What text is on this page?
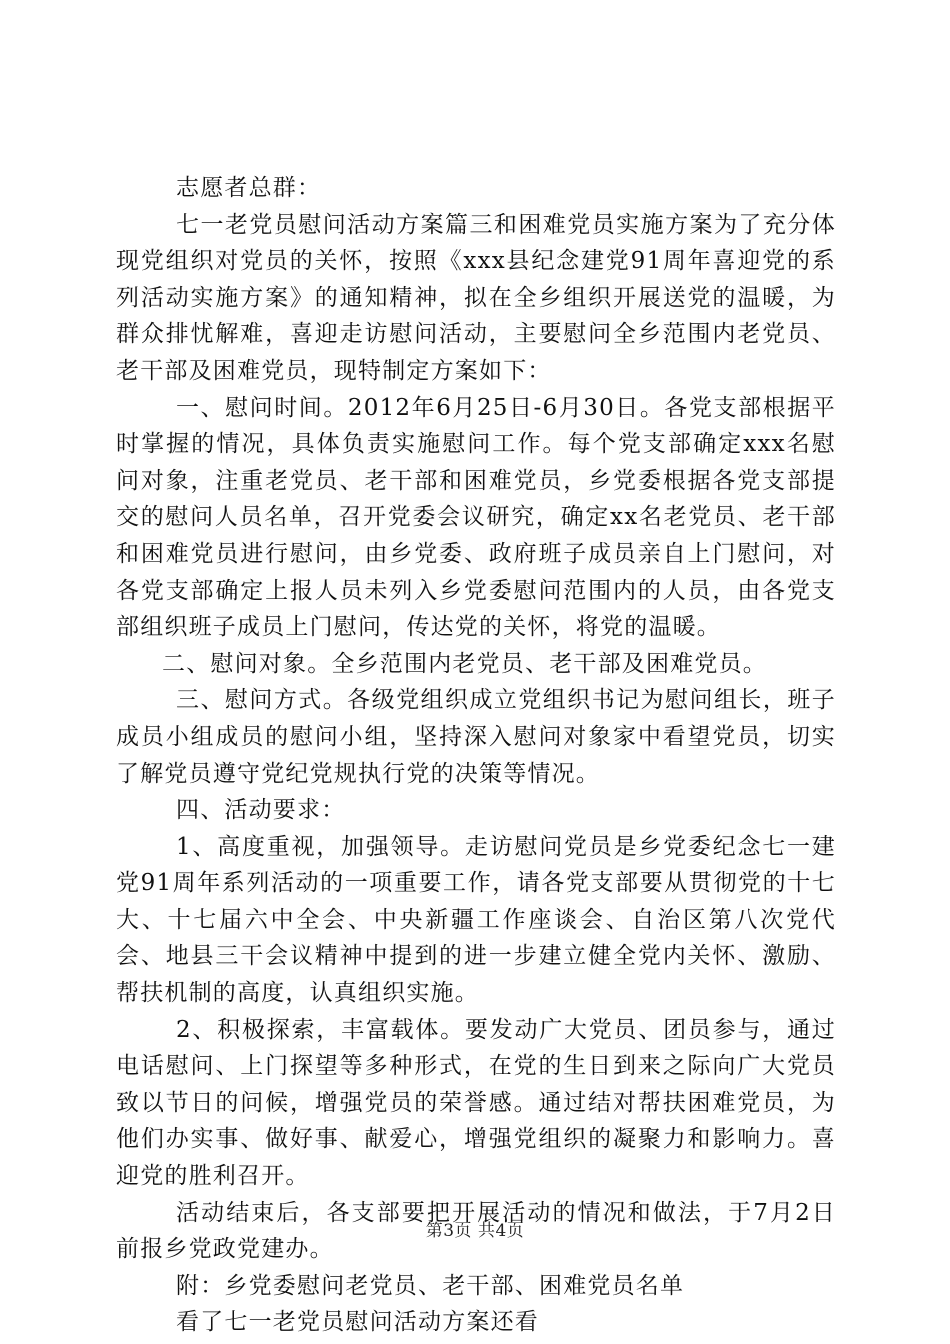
志愿者总群：

七一老党员慰问活动方案篇三和困难党员实施方案为了充分体现党组织对党员的关怀，按照《xxx县纪念建党91周年喜迎党的系列活动实施方案》的通知精神，拟在全乡组织开展送党的温暖，为群众排忧解难，喜迎走访慰问活动，主要慰问全乡范围内老党员、老干部及困难党员，现特制定方案如下：

一、慰问时间。2012年6月25日-6月30日。各党支部根据平时掌握的情况，具体负责实施慰问工作。每个党支部确定xxx名慰问对象，注重老党员、老干部和困难党员，乡党委根据各党支部提交的慰问人员名单，召开党委会议研究，确定xx名老党员、老干部和困难党员进行慰问，由乡党委、政府班子成员亲自上门慰问，对各党支部确定上报人员未列入乡党委慰问范围内的人员，由各党支部组织班子成员上门慰问，传达党的关怀，将党的温暖。

二、慰问对象。全乡范围内老党员、老干部及困难党员。

三、慰问方式。各级党组织成立党组织书记为慰问组长，班子成员小组成员的慰问小组，坚持深入慰问对象家中看望党员，切实了解党员遵守党纪党规执行党的决策等情况。

四、活动要求：

1、高度重视，加强领导。走访慰问党员是乡党委纪念七一建党91周年系列活动的一项重要工作，请各党支部要从贯彻党的十七大、十七届六中全会、中央新疆工作座谈会、自治区第八次党代会、地县三干会议精神中提到的进一步建立健全党内关怀、激励、帮扶机制的高度，认真组织实施。

2、积极探索，丰富载体。要发动广大党员、团员参与，通过电话慰问、上门探望等多种形式，在党的生日到来之际向广大党员致以节日的问候，增强党员的荣誉感。通过结对帮扶困难党员，为他们办实事、做好事、献爱心，增强党组织的凝聚力和影响力。喜迎党的胜利召开。

活动结束后，各支部要把开展活动的情况和做法，于7月2日前报乡党政党建办。

附：乡党委慰问老党员、老干部、困难党员名单

看了七一老党员慰问活动方案还看

第3页 共4页
